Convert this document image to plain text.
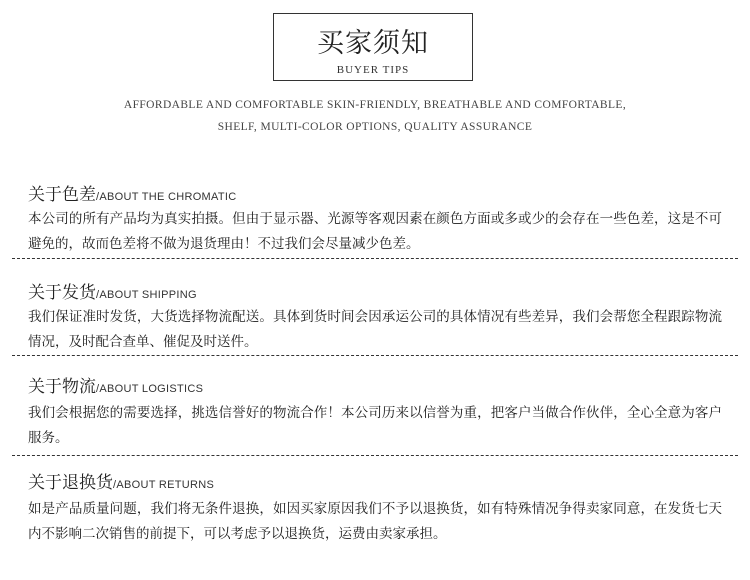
买家须知
BUYER TIPS
AFFORDABLE AND COMFORTABLE SKIN-FRIENDLY, BREATHABLE AND COMFORTABLE,
SHELF, MULTI-COLOR OPTIONS, QUALITY ASSURANCE
关于色差/ABOUT THE CHROMATIC
本公司的所有产品均为真实拍摄。但由于显示器、光源等客观因素在颜色方面或多或少的会存在一些色差，这是不可避免的，故而色差将不做为退货理由！不过我们会尽量减少色差。
关于发货/ABOUT SHIPPING
我们保证准时发货，大货选择物流配送。具体到货时间会因承运公司的具体情况有些差异，我们会帮您全程跟踪物流情况，及时配合查单、催促及时送件。
关于物流/ABOUT LOGISTICS
我们会根据您的需要选择，挑选信誉好的物流合作！本公司历来以信誉为重，把客户当做合作伙伴，全心全意为客户服务。
关于退换货/ABOUT RETURNS
如是产品质量问题，我们将无条件退换，如因买家原因我们不予以退换货，如有特殊情况争得卖家同意，在发货七天内不影响二次销售的前提下，可以考虑予以退换货，运费由卖家承担。
